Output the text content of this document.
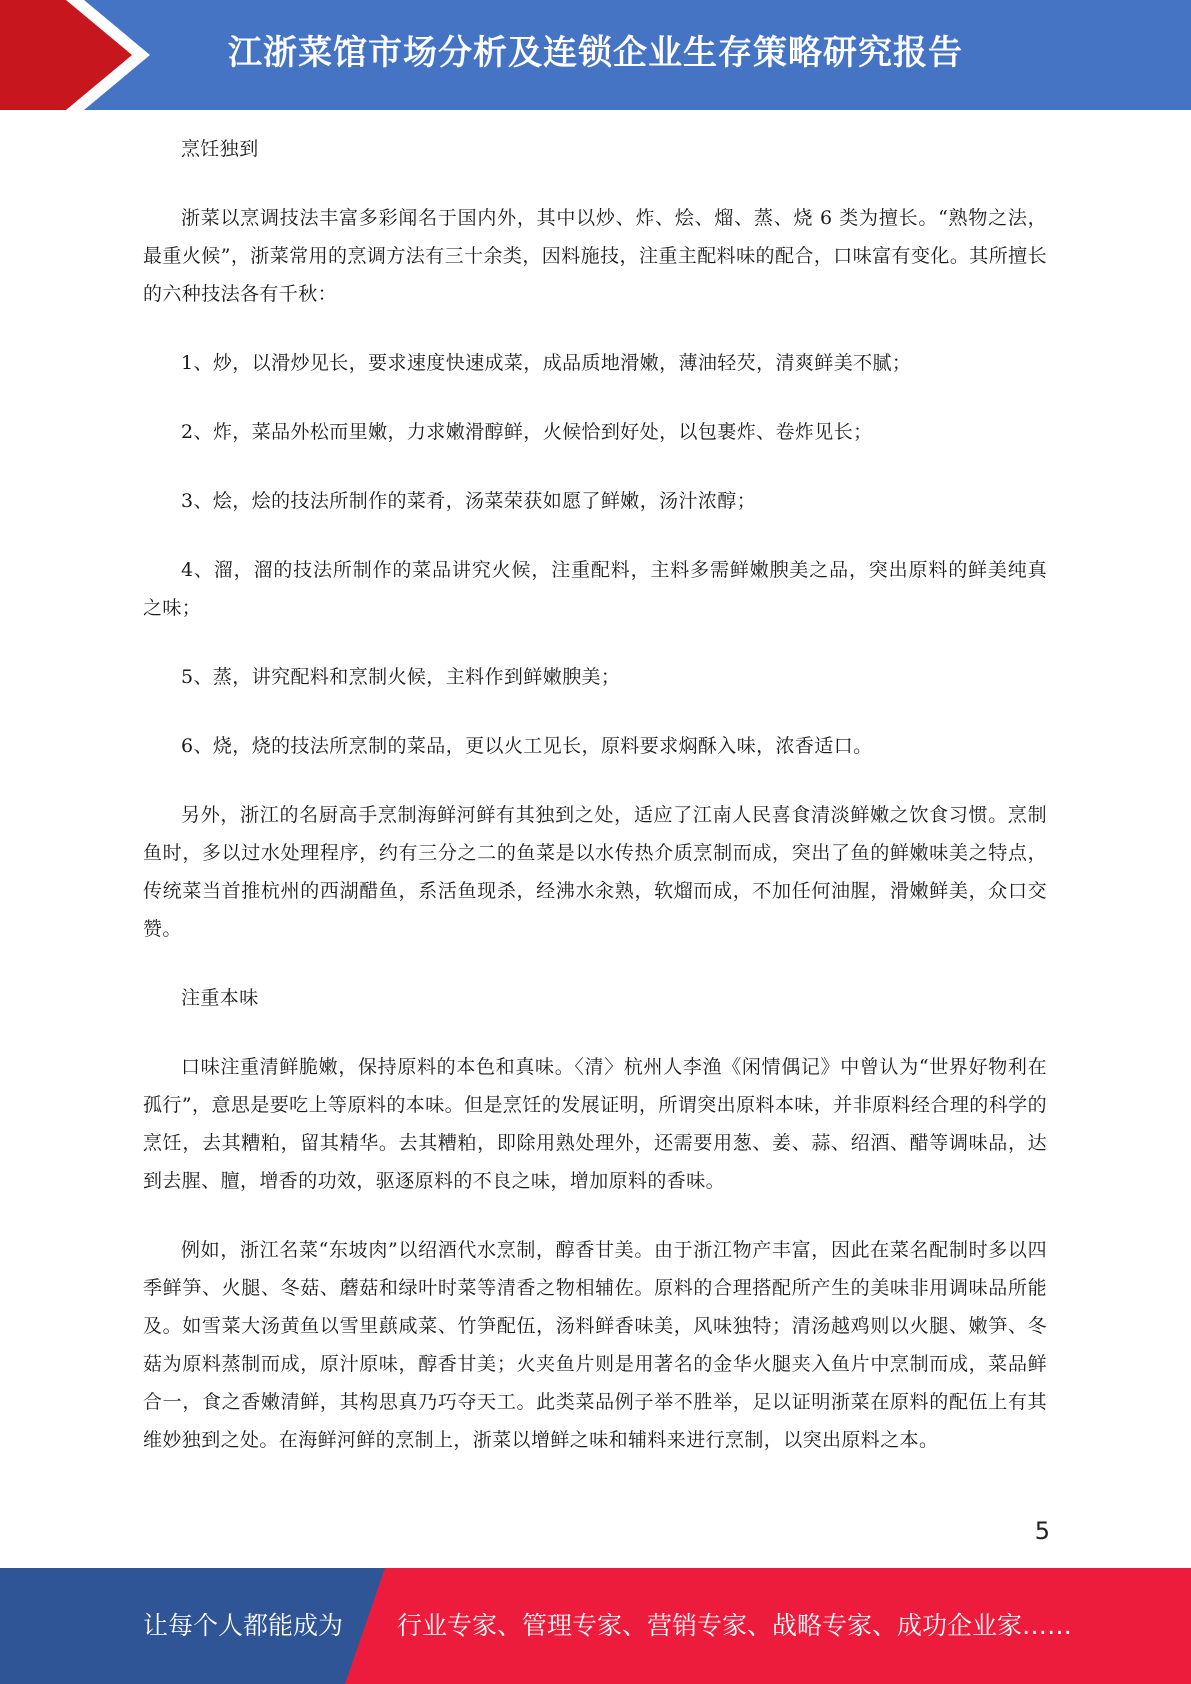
江浙菜馆市场分析及连锁企业生存策略研究报告

烹饪独到

浙菜以烹调技法丰富多彩闻名于国内外，其中以炒、炸、烩、熘、蒸、烧 6 类为擅长。“熟物之法，最重火候”，浙菜常用的烹调方法有三十余类，因料施技，注重主配料味的配合，口味富有变化。其所擅长的六种技法各有千秋：

1、炒，以滑炒见长，要求速度快速成菜，成品质地滑嫩，薄油轻芡，清爽鲜美不腻；

2、炸，菜品外松而里嫩，力求嫩滑醇鲜，火候恰到好处，以包裹炸、卷炸见长；

3、烩，烩的技法所制作的菜肴，汤菜荣获如愿了鲜嫩，汤汁浓醇；

4、溜，溜的技法所制作的菜品讲究火候，注重配料，主料多需鲜嫩腴美之品，突出原料的鲜美纯真之味；

5、蒸，讲究配料和烹制火候，主料作到鲜嫩腴美；

6、烧，烧的技法所烹制的菜品，更以火工见长，原料要求焖酥入味，浓香适口。

另外，浙江的名厨高手烹制海鲜河鲜有其独到之处，适应了江南人民喜食清淡鲜嫩之饮食习惯。烹制鱼时，多以过水处理程序，约有三分之二的鱼菜是以水传热介质烹制而成，突出了鱼的鲜嫩味美之特点，传统菜当首推杭州的西湖醋鱼，系活鱼现杀，经沸水汆熟，软熘而成，不加任何油腥，滑嫩鲜美，众口交赞。

注重本味

口味注重清鲜脆嫩，保持原料的本色和真味。〈清〉杭州人李渔《闲情偶记》中曾认为“世界好物利在孤行”，意思是要吃上等原料的本味。但是烹饪的发展证明，所谓突出原料本味，并非原料经合理的科学的烹饪，去其糟粕，留其精华。去其糟粕，即除用熟处理外，还需要用葱、姜、蒜、绍酒、醋等调味品，达到去腥、膻，增香的功效，驱逐原料的不良之味，增加原料的香味。

例如，浙江名菜“东坡肉”以绍酒代水烹制，醇香甘美。由于浙江物产丰富，因此在菜名配制时多以四季鲜笋、火腿、冬菇、蘑菇和绿叶时菜等清香之物相辅佐。原料的合理搭配所产生的美味非用调味品所能及。如雪菜大汤黄鱼以雪里蕻咸菜、竹笋配伍，汤料鲜香味美，风味独特；清汤越鸡则以火腿、嫩笋、冬菇为原料蒸制而成，原汁原味，醇香甘美；火夹鱼片则是用著名的金华火腿夹入鱼片中烹制而成，菜品鲜合一，食之香嫩清鲜，其构思真乃巧夺天工。此类菜品例子举不胜举，足以证明浙菜在原料的配伍上有其维妙独到之处。在海鲜河鲜的烹制上，浙菜以增鲜之味和辅料来进行烹制，以突出原料之本。

5
让每个人都能成为 行业专家、管理专家、营销专家、战略专家、成功企业家……
